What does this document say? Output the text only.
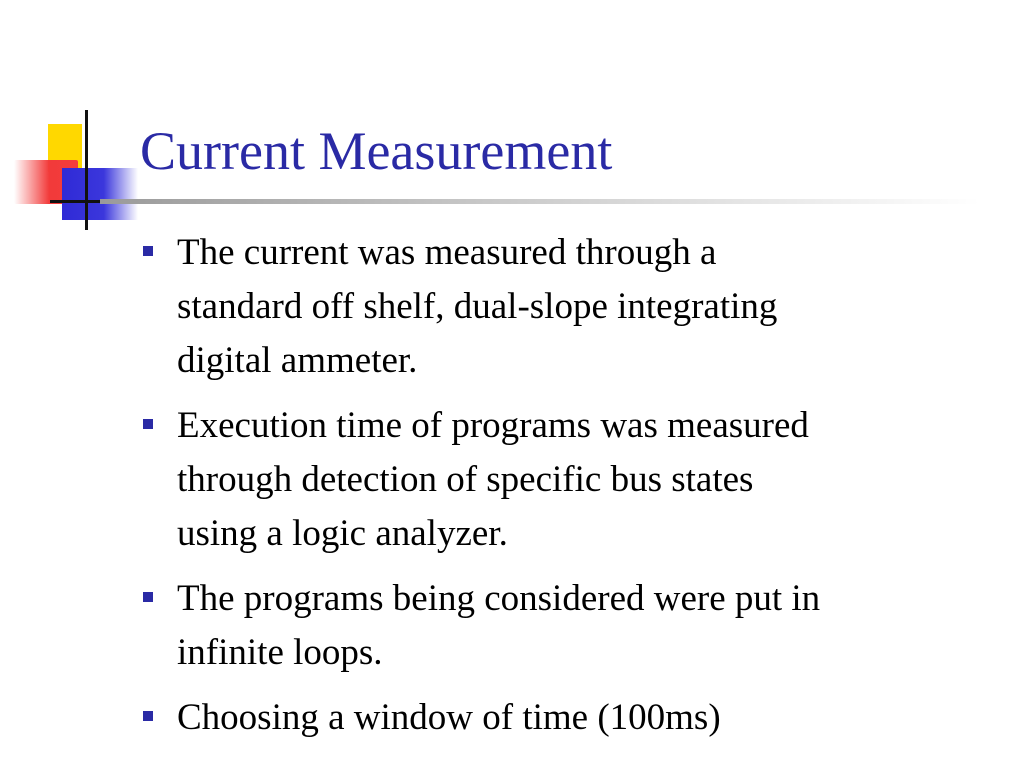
Current Measurement
The current was measured through a
standard off shelf, dual-slope integrating
digital ammeter.
Execution time of programs was measured
through detection of specific bus states
using a logic analyzer.
The programs being considered were put in
infinite loops.
Choosing a window of time (100ms)
